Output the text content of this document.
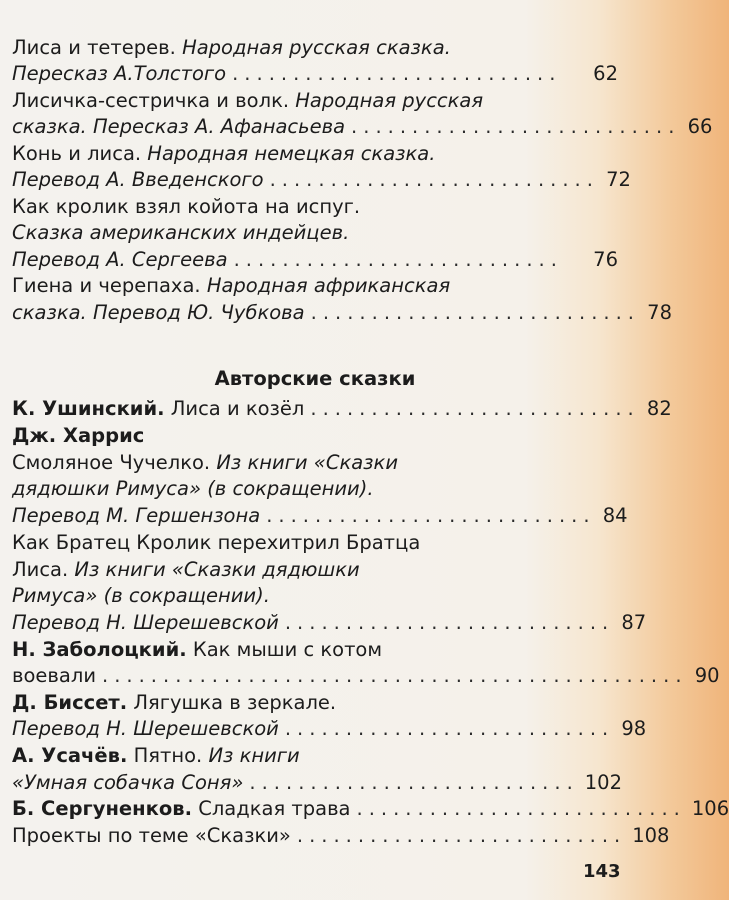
Лиса и тетерев. Народная русская сказка.
Пересказ А.Толстого ...........................	62
Лисичка-сестричка и волк. Народная русская
сказка. Пересказ А. Афанасьева ........................... 66
Конь и лиса. Народная немецкая сказка.
Перевод А. Введенского ........................... 72
Как кролик взял койота на испуг.
Сказка американских индейцев.
Перевод А. Сергеева ...........................	76
Гиена и черепаха. Народная африканская
сказка. Перевод Ю. Чубкова ........................... 78
К. Ушинский. Лиса и козёл ........................... 82
Дж. Харрис
Смоляное Чучелко. Из книги «Сказки
дядюшки Римуса» (в сокращении).
Перевод М. Гершензона ........................... 84
Как Братец Кролик перехитрил Братца
Лиса. Из книги «Сказки дядюшки
Римуса» (в сокращении).
Перевод Н. Шерешевской ........................... 87
Н. Заболоцкий. Как мыши с котом
воевали ................................................ 90
Д. Биссет. Лягушка в зеркале.
Перевод Н. Шерешевской ........................... 98
А. Усачёв. Пятно. Из книги
«Умная собачка Соня» ........................... 102
Б. Сергуненков. Сладкая трава ........................... 106
Проекты по теме «Сказки» ........................... 108
Авторские сказки
143
